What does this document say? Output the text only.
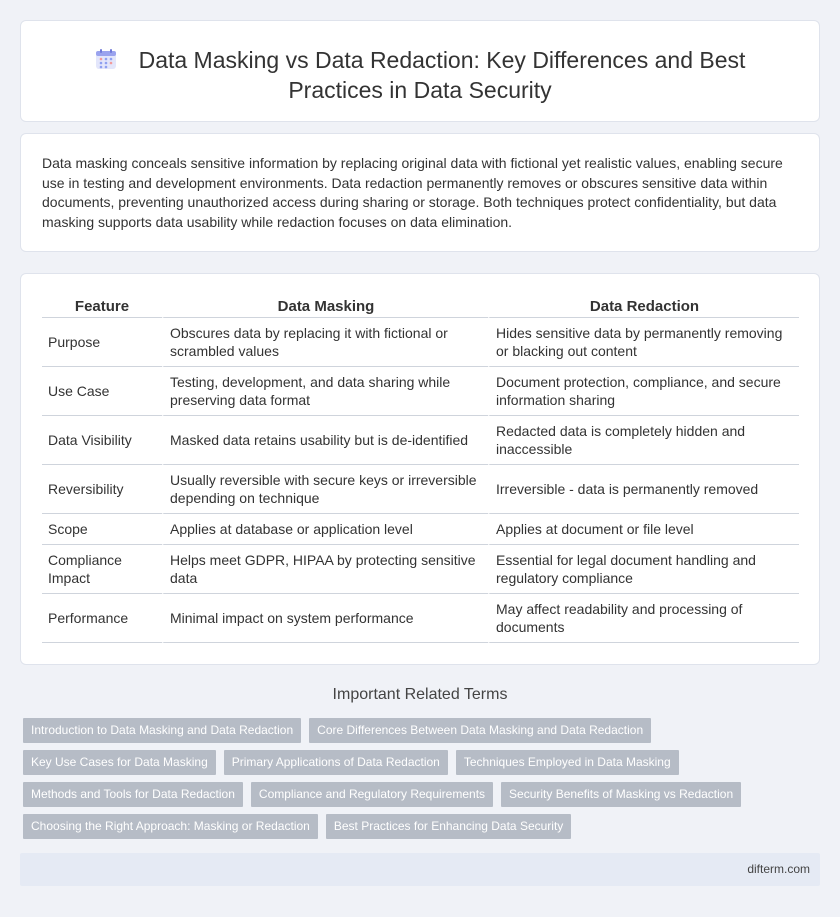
Data Masking vs Data Redaction: Key Differences and Best Practices in Data Security

Data masking conceals sensitive information by replacing original data with fictional yet realistic values, enabling secure use in testing and development environments. Data redaction permanently removes or obscures sensitive data within documents, preventing unauthorized access during sharing or storage. Both techniques protect confidentiality, but data masking supports data usability while redaction focuses on data elimination.

Feature	Data Masking	Data Redaction
Purpose	Obscures data by replacing it with fictional or scrambled values	Hides sensitive data by permanently removing or blacking out content
Use Case	Testing, development, and data sharing while preserving data format	Document protection, compliance, and secure information sharing
Data Visibility	Masked data retains usability but is de-identified	Redacted data is completely hidden and inaccessible
Reversibility	Usually reversible with secure keys or irreversible depending on technique	Irreversible - data is permanently removed
Scope	Applies at database or application level	Applies at document or file level
Compliance Impact	Helps meet GDPR, HIPAA by protecting sensitive data	Essential for legal document handling and regulatory compliance
Performance	Minimal impact on system performance	May affect readability and processing of documents
Important Related Terms
Introduction to Data Masking and Data Redaction	Core Differences Between Data Masking and Data Redaction
Key Use Cases for Data Masking	Primary Applications of Data Redaction	Techniques Employed in Data Masking
Methods and Tools for Data Redaction	Compliance and Regulatory Requirements	Security Benefits of Masking vs Redaction
Choosing the Right Approach: Masking or Redaction	Best Practices for Enhancing Data Security
difterm.com
